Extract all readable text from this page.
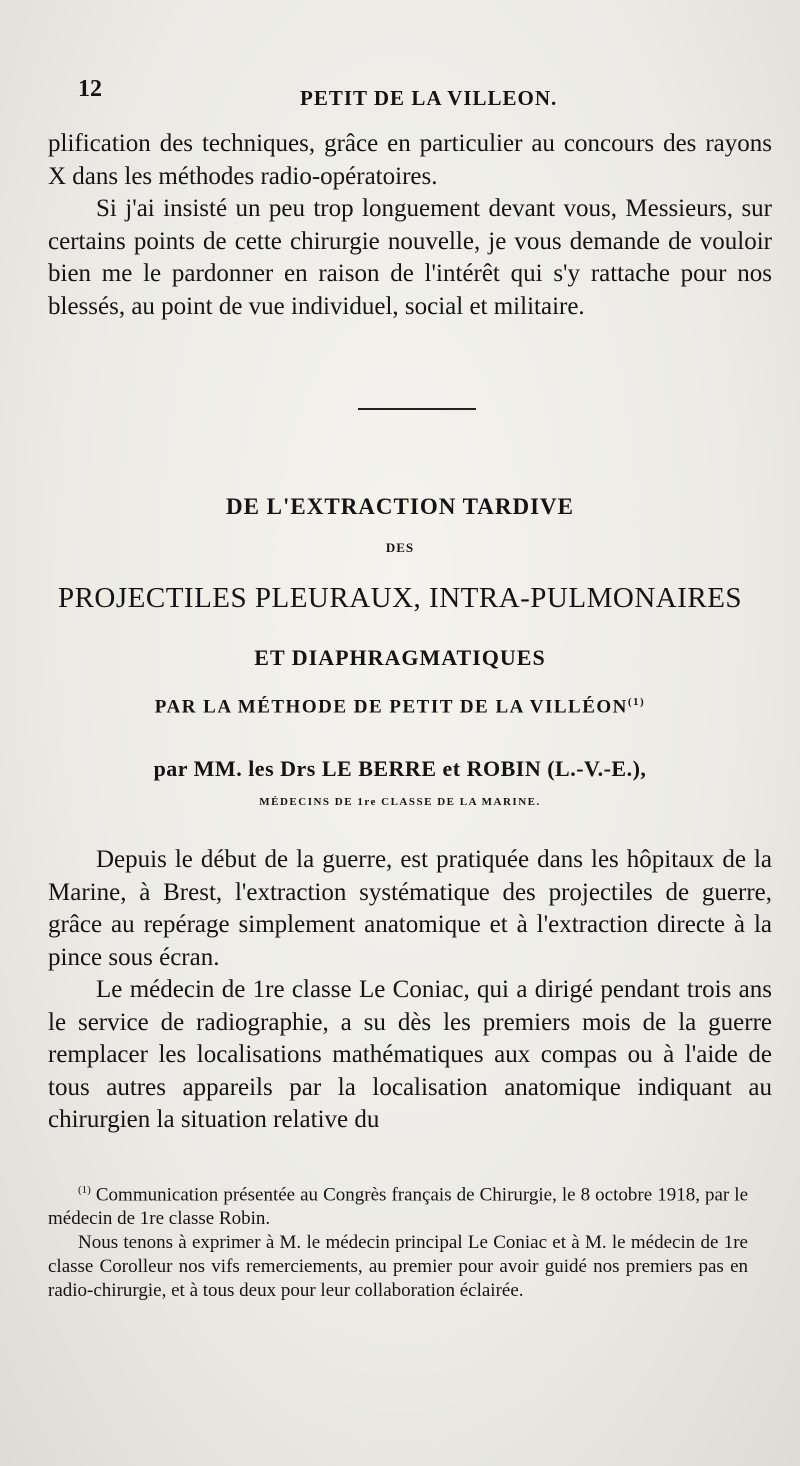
12	PETIT DE LA VILLEON.

plification des techniques, grâce en particulier au concours des rayons X dans les méthodes radio-opératoires.

Si j'ai insisté un peu trop longuement devant vous, Messieurs, sur certains points de cette chirurgie nouvelle, je vous demande de vouloir bien me le pardonner en raison de l'intérêt qui s'y rattache pour nos blessés, au point de vue individuel, social et militaire.

DE L'EXTRACTION TARDIVE
DES
PROJECTILES PLEURAUX, INTRA-PULMONAIRES
ET DIAPHRAGMATIQUES
PAR LA MÉTHODE DE PETIT DE LA VILLÉON$^{(1)}$
par MM. les Drs LE BERRE et ROBIN (L.-V.-E.),
MÉDECINS DE 1re CLASSE DE LA MARINE.

Depuis le début de la guerre, est pratiquée dans les hôpitaux de la Marine, à Brest, l'extraction systématique des projectiles de guerre, grâce au repérage simplement anatomique et à l'extraction directe à la pince sous écran.

Le médecin de 1re classe Le Coniac, qui a dirigé pendant trois ans le service de radiographie, a su dès les premiers mois de la guerre remplacer les localisations mathématiques aux compas ou à l'aide de tous autres appareils par la localisation anatomique indiquant au chirurgien la situation relative du

$^{(1)}$ Communication présentée au Congrès français de Chirurgie, le 8 octobre 1918, par le médecin de 1re classe Robin.

Nous tenons à exprimer à M. le médecin principal Le Coniac et à M. le médecin de 1re classe Corolleur nos vifs remerciements, au premier pour avoir guidé nos premiers pas en radio-chirurgie, et à tous deux pour leur collaboration éclairée.
